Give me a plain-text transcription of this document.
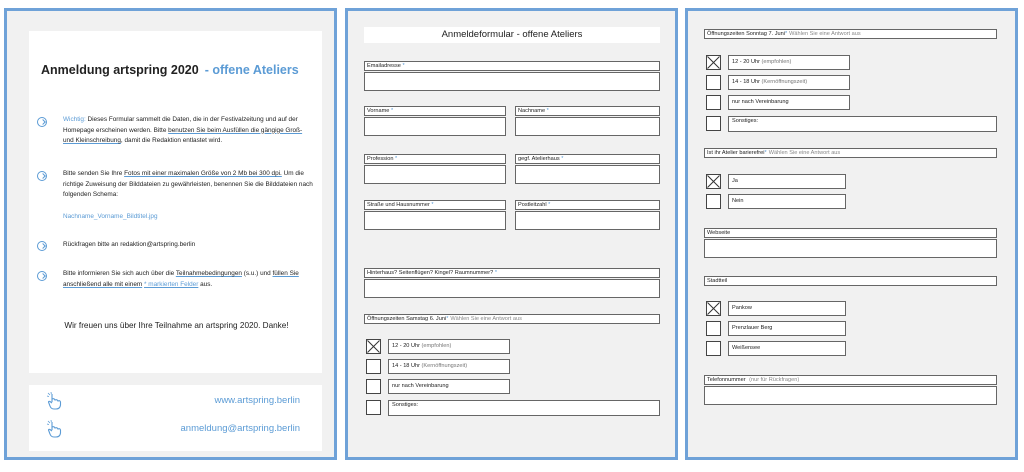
Anmeldung artspring 2020 - offene Ateliers
Wichtig: Dieses Formular sammelt die Daten, die in der Festivalzeitung und auf der Homepage erscheinen werden. Bitte benutzen Sie beim Ausfüllen die gängige Groß- und Kleinschreibung, damit die Redaktion entlastet wird.
Bitte senden Sie Ihre Fotos mit einer maximalen Größe von 2 Mb bei 300 dpi. Um die richtige Zuweisung der Bilddateien zu gewährleisten, benennen Sie die Bilddateien nach folgenden Schema:
Nachname_Vorname_Bildtitel.jpg
Rückfragen bitte an redaktion@artspring.berlin
Bitte informieren Sie sich auch über die Teilnahmebedingungen (s.u.) und füllen Sie anschließend alle mit einem * markierten Felder aus.
Wir freuen uns über Ihre Teilnahme an artspring 2020. Danke!
www.artspring.berlin
anmeldung@artspring.berlin
Anmeldeformular - offene Ateliers
Emailadresse *
Vorname *	Nachname *
Profession *	gegf. Atelierhaus *
Straße und Hausnummer *	Postleitzahl *
Hinterhaus? Seitenflügen? Kingel? Raumnummer? *
Öffnungszeiten Samstag 6. Juni* Wählen Sie eine Antwort aus
12 - 20 Uhr (empfohlen)
14 - 18 Uhr (Kernöffnungszeit)
nur nach Vereinbarung
Sonstiges:
Öffnungszeiten Sonntag 7. Juni* Wählen Sie eine Antwort aus
12 - 20 Uhr (empfohlen)
14 - 18 Uhr (Kernöffnungszeit)
nur nach Vereinbarung
Sonstiges:
Ist ihr Atelier barierefrei* Wählen Sie eine Antwort aus
Ja
Nein
Webseite
Stadtteil
Pankow
Prenzlauer Berg
Weißensee
Telefonnummer (nur für Rückfragen)
